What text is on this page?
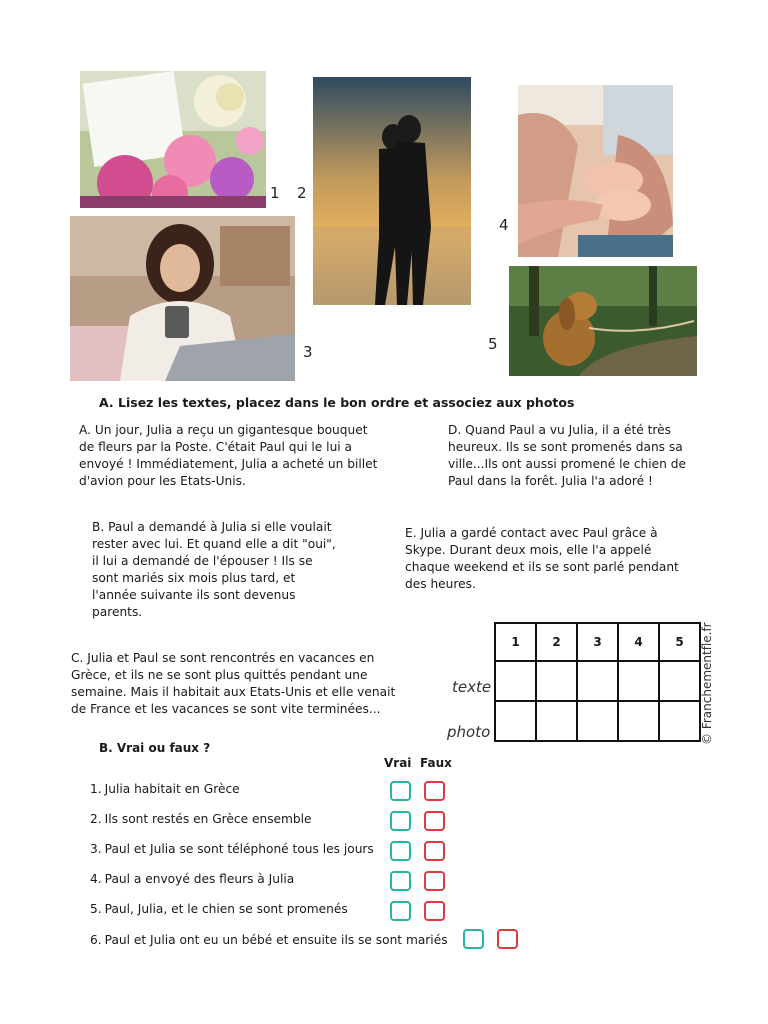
1 2
3
4
5
A. Lisez les textes, placez dans le bon ordre et associez aux photos
A. Un jour, Julia a reçu un gigantesque bouquet
de fleurs par la Poste. C'était Paul qui le lui a
envoyé ! Immédiatement, Julia a acheté un billet
d'avion pour les Etats-Unis.
D. Quand Paul a vu Julia, il a été très
heureux. Ils se sont promenés dans sa
ville...Ils ont aussi promené le chien de
Paul dans la forêt. Julia l'a adoré !
B. Paul a demandé à Julia si elle voulait
rester avec lui. Et quand elle a dit "oui",
il lui a demandé de l'épouser ! Ils se
sont mariés six mois plus tard, et
l'année suivante ils sont devenus
parents.
E. Julia a gardé contact avec Paul grâce à
Skype. Durant deux mois, elle l'a appelé
chaque weekend et ils se sont parlé pendant
des heures.
C. Julia et Paul se sont rencontrés en vacances en
Grèce, et ils ne se sont plus quittés pendant une
semaine. Mais il habitait aux Etats-Unis et elle venait
de France et les vacances se sont vite terminées...
1	2	3	4	5

texte
photo	© Franchementfle.fr
B. Vrai ou faux ?
Vrai Faux
1. Julia habitait en Grèce
2. Ils sont restés en Grèce ensemble
3. Paul et Julia se sont téléphoné tous les jours
4. Paul a envoyé des fleurs à Julia
5. Paul, Julia, et le chien se sont promenés
6. Paul et Julia ont eu un bébé et ensuite ils se sont mariés
